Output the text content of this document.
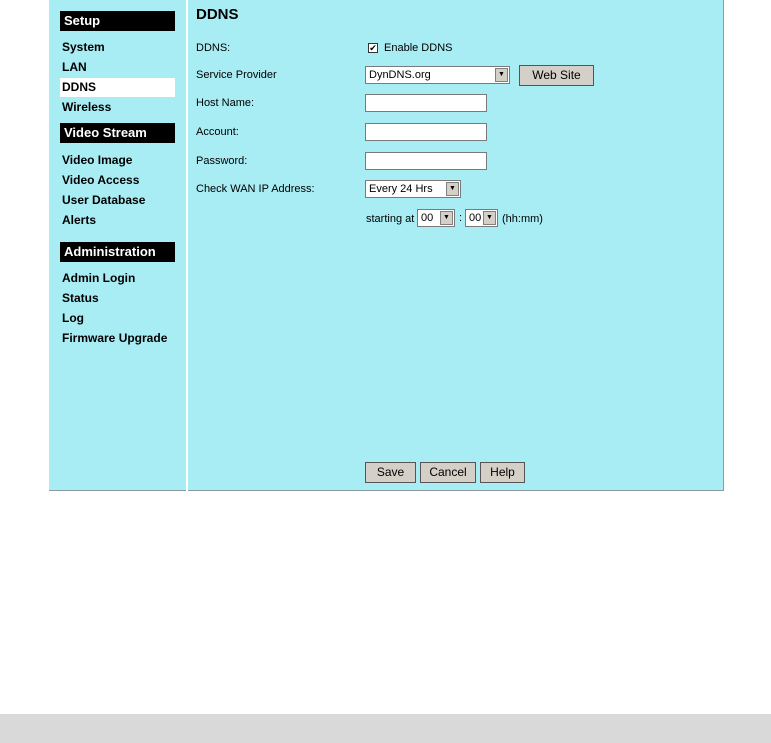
Setup
System
LAN
DDNS
Wireless
Video Stream
Video Image
Video Access
User Database
Alerts
Administration
Admin Login
Status
Log
Firmware Upgrade
DDNS
DDNS:	✔ Enable DDNS
Service Provider	DynDNS.org	▼	Web Site
Host Name:
Account:
Password:
Check WAN IP Address:	Every 24 Hrs	▼
starting at 00	▼ : 00 ▼ (hh:mm)
Save	Cancel	Help
